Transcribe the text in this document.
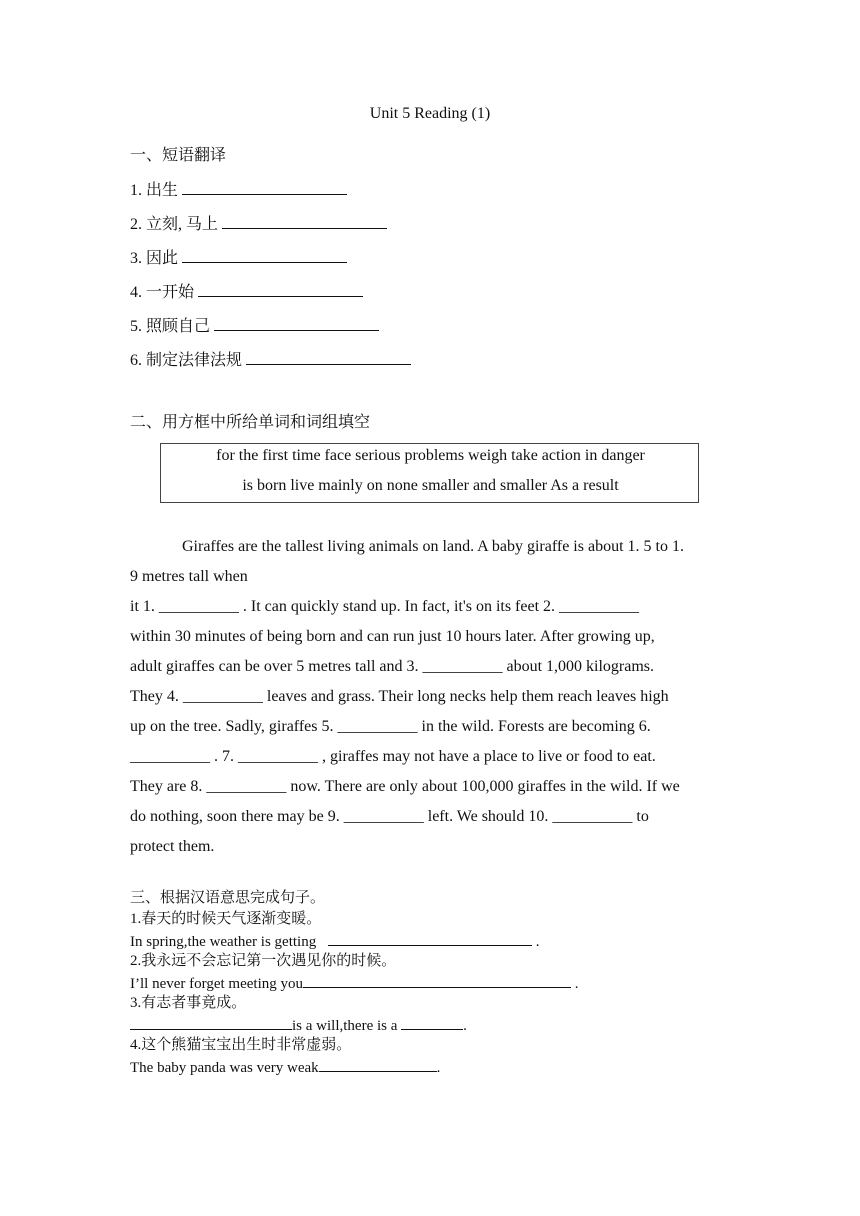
Unit 5 Reading (1)
一、短语翻译
1. 出生
2. 立刻, 马上
3. 因此
4. 一开始
5. 照顾自己
6. 制定法律法规
二、用方框中所给单词和词组填空
for the first time face serious problems weigh take action in danger
is born live mainly on none smaller and smaller As a result
Giraffes are the tallest living animals on land. A baby giraffe is about 1. 5 to 1.
9 metres tall when
it 1. __________ . It can quickly stand up. In fact, it's on its feet 2. __________
within 30 minutes of being born and can run just 10 hours later. After growing up,
adult giraffes can be over 5 metres tall and 3. __________ about 1,000 kilograms.
They 4. __________ leaves and grass. Their long necks help them reach leaves high
up on the tree. Sadly, giraffes 5. __________ in the wild. Forests are becoming 6.
__________ . 7. __________ , giraffes may not have a place to live or food to eat.
They are 8. __________ now. There are only about 100,000 giraffes in the wild. If we
do nothing, soon there may be 9. __________ left. We should 10. __________ to
protect them.
三、根据汉语意思完成句子。
1.春天的时候天气逐渐变暖。
In spring,the weather is getting	.
2.我永远不会忘记第一次遇见你的时候。
I’ll never forget meeting you	.
3.有志者事竟成。
is a will,there is a	.
4.这个熊猫宝宝出生时非常虚弱。
The baby panda was very weak	.
